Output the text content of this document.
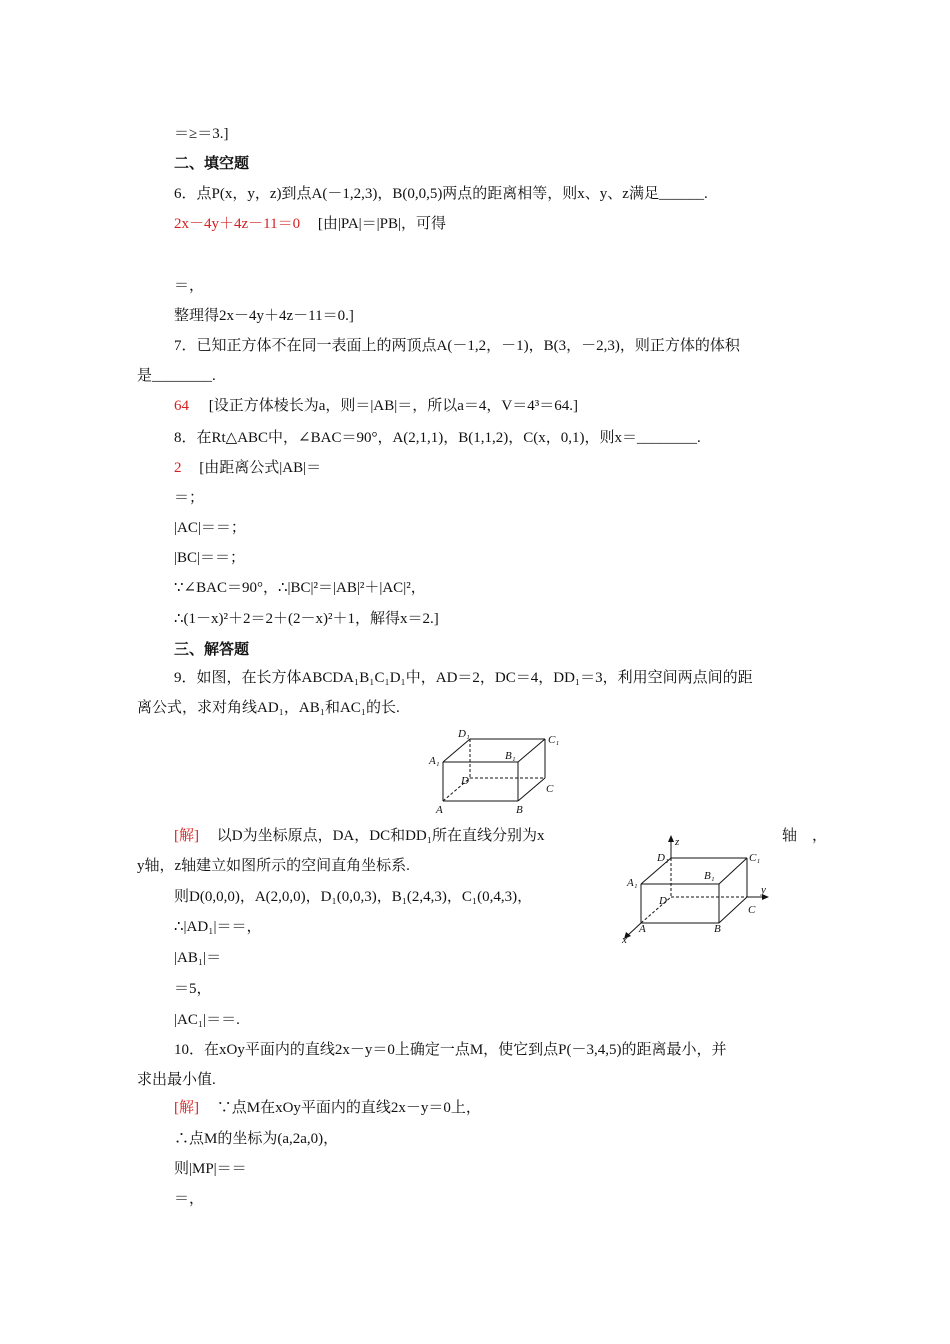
＝≥＝3.]
二、填空题
6．点P(x，y，z)到点A(－1,2,3)，B(0,0,5)两点的距离相等，则x、y、z满足______.
2x－4y＋4z－11＝0 [由|PA|＝|PB|，可得
＝，
整理得2x－4y＋4z－11＝0.]
7．已知正方体不在同一表面上的两顶点A(－1,2，－1)，B(3，－2,3)，则正方体的体积
是________.
64 [设正方体棱长为a，则＝|AB|＝，所以a＝4，V＝4³＝64.]
8．在Rt△ABC中，∠BAC＝90°，A(2,1,1)，B(1,1,2)，C(x，0,1)，则x＝________.
2 [由距离公式|AB|＝
＝；
|AC|＝＝；
|BC|＝＝；
∵∠BAC＝90°，∴|BC|²＝|AB|²＋|AC|²，
∴(1－x)²＋2＝2＋(2－x)²＋1，解得x＝2.]
三、解答题
9．如图，在长方体ABCDA₁B₁C₁D₁中，AD＝2，DC＝4，DD₁＝3，利用空间两点间的距
离公式，求对角线AD₁，AB₁和AC₁的长.
D₁	C₁
A₁	B₁
D
C
A	B
[解] 以D为坐标原点，DA，DC和DD₁所在直线分别为x	轴 ，
y轴，z轴建立如图所示的空间直角坐标系.
则D(0,0,0)，A(2,0,0)，D₁(0,0,3)，B₁(2,4,3)，C₁(0,4,3)，
∴|AD₁|＝＝，
|AB₁|＝
＝5，
|AC₁|＝＝.
z
D₁	C₁
A₁
B₁
y
D
C
A	B
x
10．在xOy平面内的直线2x－y＝0上确定一点M，使它到点P(－3,4,5)的距离最小，并
求出最小值.
[解] ∵点M在xOy平面内的直线2x－y＝0上，
∴点M的坐标为(a,2a,0)，
则|MP|＝＝
＝，
